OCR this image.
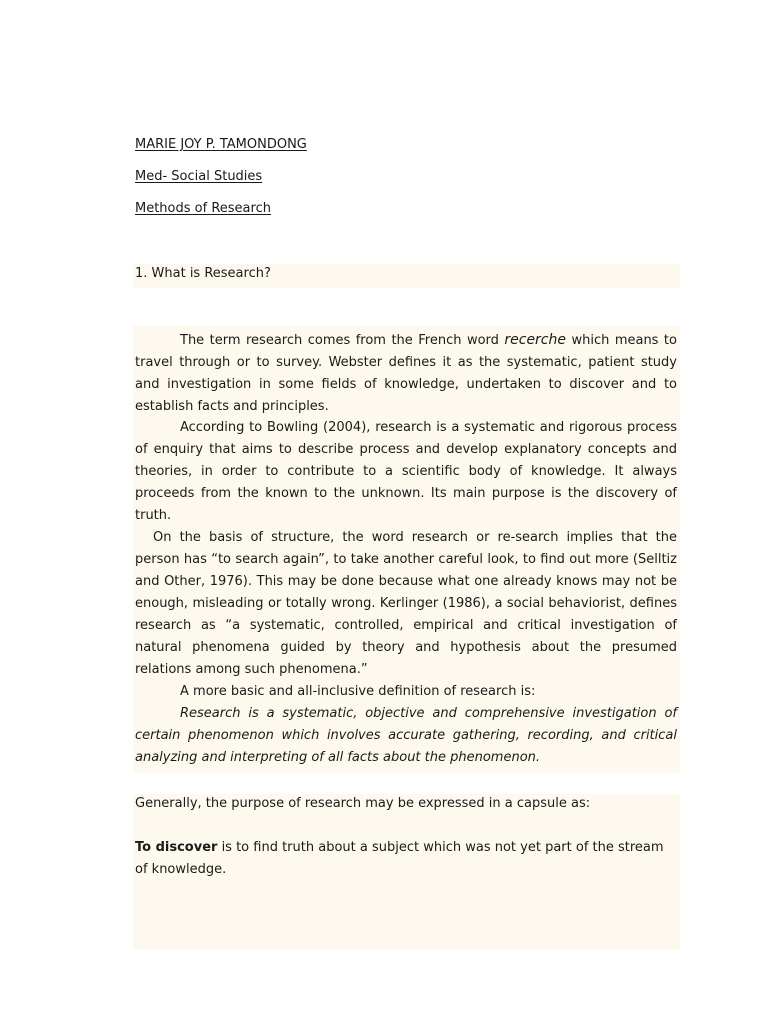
MARIE JOY P. TAMONDONG
Med- Social Studies
Methods of Research
1. What is Research?

The term research comes from the French word recerche which means to travel through or to survey. Webster defines it as the systematic, patient study and investigation in some fields of knowledge, undertaken to discover and to establish facts and principles.

According to Bowling (2004), research is a systematic and rigorous process of enquiry that aims to describe process and develop explanatory concepts and theories, in order to contribute to a scientific body of knowledge. It always proceeds from the known to the unknown. Its main purpose is the discovery of truth.

On the basis of structure, the word research or re-search implies that the person has “to search again”, to take another careful look, to find out more (Selltiz and Other, 1976). This may be done because what one already knows may not be enough, misleading or totally wrong. Kerlinger (1986), a social behaviorist, defines research as “a systematic, controlled, empirical and critical investigation of natural phenomena guided by theory and hypothesis about the presumed relations among such phenomena.”

A more basic and all-inclusive definition of research is:

Research is a systematic, objective and comprehensive investigation of certain phenomenon which involves accurate gathering, recording, and critical analyzing and interpreting of all facts about the phenomenon.

Generally, the purpose of research may be expressed in a capsule as:

To discover is to find truth about a subject which was not yet part of the stream of knowledge.
